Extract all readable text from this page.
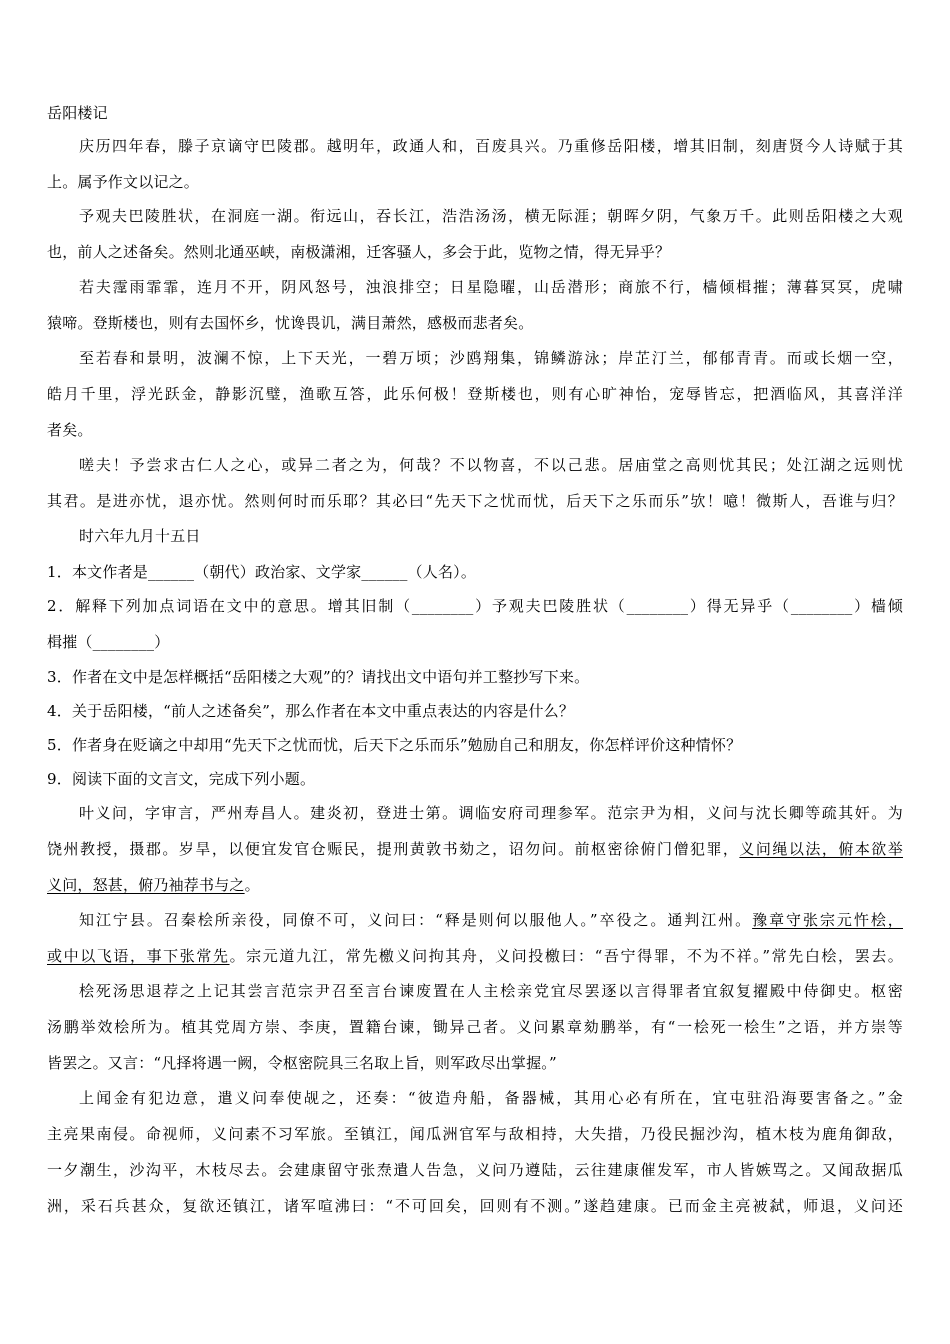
岳阳楼记
庆历四年春，滕子京谪守巴陵郡。越明年，政通人和，百废具兴。乃重修岳阳楼，增其旧制，刻唐贤今人诗赋于其
上。属予作文以记之。
予观夫巴陵胜状，在洞庭一湖。衔远山，吞长江，浩浩汤汤，横无际涯；朝晖夕阴，气象万千。此则岳阳楼之大观
也，前人之述备矣。然则北通巫峡，南极潇湘，迁客骚人，多会于此，览物之情，得无异乎？
若夫霪雨霏霏，连月不开，阴风怒号，浊浪排空；日星隐曜，山岳潜形；商旅不行，樯倾楫摧；薄暮冥冥，虎啸
猿啼。登斯楼也，则有去国怀乡，忧谗畏讥，满目萧然，感极而悲者矣。
至若春和景明，波澜不惊，上下天光，一碧万顷；沙鸥翔集，锦鳞游泳；岸芷汀兰，郁郁青青。而或长烟一空，
皓月千里，浮光跃金，静影沉璧，渔歌互答，此乐何极！登斯楼也，则有心旷神怡，宠辱皆忘，把酒临风，其喜洋洋
者矣。
嗟夫！予尝求古仁人之心，或异二者之为，何哉？不以物喜，不以己悲。居庙堂之高则忧其民；处江湖之远则忧
其君。是进亦忧，退亦忧。然则何时而乐耶？其必曰“先天下之忧而忧，后天下之乐而乐”欤！噫！微斯人，吾谁与归？
时六年九月十五日
1．本文作者是______（朝代）政治家、文学家______（人名）。
2．解释下列加点词语在文中的意思。增其旧制（________）予观夫巴陵胜状（________）得无异乎（________）樯倾
楫摧（________）
3．作者在文中是怎样概括“岳阳楼之大观”的？请找出文中语句并工整抄写下来。
4．关于岳阳楼，“前人之述备矣”，那么作者在本文中重点表达的内容是什么？
5．作者身在贬谪之中却用“先天下之忧而忧，后天下之乐而乐”勉励自己和朋友，你怎样评价这种情怀？
9．阅读下面的文言文，完成下列小题。
叶义问，字审言，严州寿昌人。建炎初，登进士第。调临安府司理参军。范宗尹为相，义问与沈长卿等疏其奸。为
饶州教授，摄郡。岁旱，以便宜发官仓赈民，提刑黄敦书劾之，诏勿问。前枢密徐俯门僧犯罪，义问绳以法，俯本欲举
义问，怒甚，俯乃袖荐书与之。
知江宁县。召秦桧所亲役，同僚不可，义问曰：“释是则何以服他人。”卒役之。通判江州。豫章守张宗元忤桧，
或中以飞语，事下张常先。宗元道九江，常先檄义问拘其舟，义问投檄曰：“吾宁得罪，不为不祥。”常先白桧，罢去。
桧死汤思退荐之上记其尝言范宗尹召至言台谏废置在人主桧亲党宜尽罢逐以言得罪者宜叙复擢殿中侍御史。枢密
汤鹏举效桧所为。植其党周方崇、李庚，置籍台谏，锄异己者。义问累章劾鹏举，有“一桧死一桧生”之语，并方崇等
皆罢之。又言：“凡择将遇一阙，令枢密院具三名取上旨，则军政尽出掌握。”
上闻金有犯边意，遣义问奉使觇之，还奏：“彼造舟船，备器械，其用心必有所在，宜屯驻沿海要害备之。”金
主亮果南侵。命视师，义问素不习军旅。至镇江，闻瓜洲官军与敌相持，大失措，乃役民掘沙沟，植木枝为鹿角御敌，
一夕潮生，沙沟平，木枝尽去。会建康留守张焘遣人告急，义问乃遵陆，云往建康催发军，市人皆嫉骂之。又闻敌据瓜
洲，采石兵甚众，复欲还镇江，诸军喧沸曰：“不可回矣，回则有不测。”遂趋建康。已而金主亮被弑，师退，义问还
